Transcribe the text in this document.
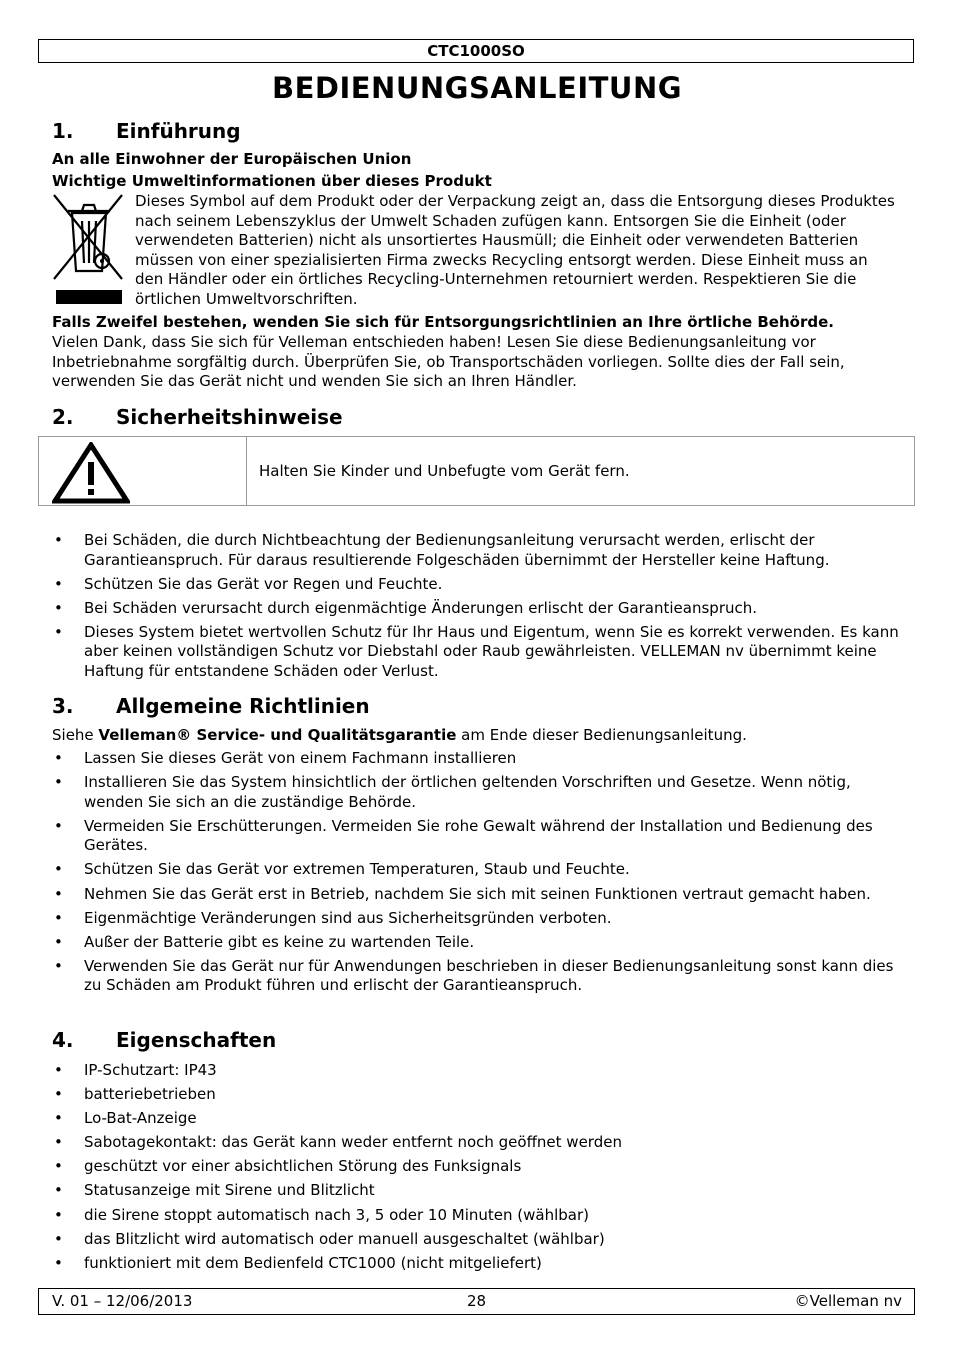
CTC1000SO
BEDIENUNGSANLEITUNG
1. Einführung
An alle Einwohner der Europäischen Union
Wichtige Umweltinformationen über dieses Produkt
Dieses Symbol auf dem Produkt oder der Verpackung zeigt an, dass die Entsorgung dieses Produktes nach seinem Lebenszyklus der Umwelt Schaden zufügen kann. Entsorgen Sie die Einheit (oder verwendeten Batterien) nicht als unsortiertes Hausmüll; die Einheit oder verwendeten Batterien müssen von einer spezialisierten Firma zwecks Recycling entsorgt werden. Diese Einheit muss an den Händler oder ein örtliches Recycling-Unternehmen retourniert werden. Respektieren Sie die örtlichen Umweltvorschriften.
Falls Zweifel bestehen, wenden Sie sich für Entsorgungsrichtlinien an Ihre örtliche Behörde.
Vielen Dank, dass Sie sich für Velleman entschieden haben! Lesen Sie diese Bedienungsanleitung vor Inbetriebnahme sorgfältig durch. Überprüfen Sie, ob Transportschäden vorliegen. Sollte dies der Fall sein, verwenden Sie das Gerät nicht und wenden Sie sich an Ihren Händler.
2. Sicherheitshinweise
Halten Sie Kinder und Unbefugte vom Gerät fern.
• Bei Schäden, die durch Nichtbeachtung der Bedienungsanleitung verursacht werden, erlischt der Garantieanspruch. Für daraus resultierende Folgeschäden übernimmt der Hersteller keine Haftung.
• Schützen Sie das Gerät vor Regen und Feuchte.
• Bei Schäden verursacht durch eigenmächtige Änderungen erlischt der Garantieanspruch.
• Dieses System bietet wertvollen Schutz für Ihr Haus und Eigentum, wenn Sie es korrekt verwenden. Es kann aber keinen vollständigen Schutz vor Diebstahl oder Raub gewährleisten. VELLEMAN nv übernimmt keine Haftung für entstandene Schäden oder Verlust.
3. Allgemeine Richtlinien
Siehe Velleman® Service- und Qualitätsgarantie am Ende dieser Bedienungsanleitung.
• Lassen Sie dieses Gerät von einem Fachmann installieren
• Installieren Sie das System hinsichtlich der örtlichen geltenden Vorschriften und Gesetze. Wenn nötig, wenden Sie sich an die zuständige Behörde.
• Vermeiden Sie Erschütterungen. Vermeiden Sie rohe Gewalt während der Installation und Bedienung des Gerätes.
• Schützen Sie das Gerät vor extremen Temperaturen, Staub und Feuchte.
• Nehmen Sie das Gerät erst in Betrieb, nachdem Sie sich mit seinen Funktionen vertraut gemacht haben.
• Eigenmächtige Veränderungen sind aus Sicherheitsgründen verboten.
• Außer der Batterie gibt es keine zu wartenden Teile.
• Verwenden Sie das Gerät nur für Anwendungen beschrieben in dieser Bedienungsanleitung sonst kann dies zu Schäden am Produkt führen und erlischt der Garantieanspruch.
4. Eigenschaften
• IP-Schutzart: IP43
• batteriebetrieben
• Lo-Bat-Anzeige
• Sabotagekontakt: das Gerät kann weder entfernt noch geöffnet werden
• geschützt vor einer absichtlichen Störung des Funksignals
• Statusanzeige mit Sirene und Blitzlicht
• die Sirene stoppt automatisch nach 3, 5 oder 10 Minuten (wählbar)
• das Blitzlicht wird automatisch oder manuell ausgeschaltet (wählbar)
• funktioniert mit dem Bedienfeld CTC1000 (nicht mitgeliefert)
V. 01 – 12/06/2013	28	©Velleman nv
